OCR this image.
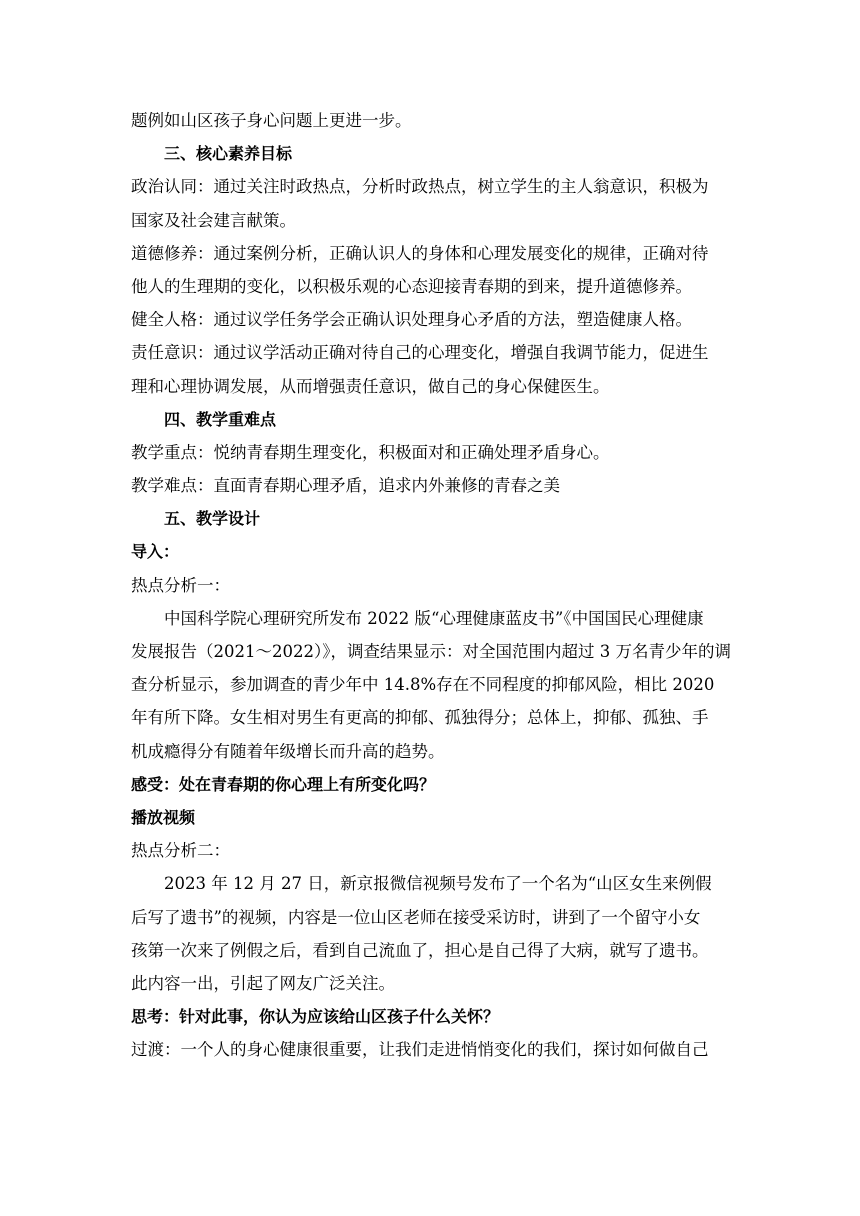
题例如山区孩子身心问题上更进一步。
三、核心素养目标
政治认同：通过关注时政热点，分析时政热点，树立学生的主人翁意识，积极为
国家及社会建言献策。
道德修养：通过案例分析，正确认识人的身体和心理发展变化的规律，正确对待
他人的生理期的变化，以积极乐观的心态迎接青春期的到来，提升道德修养。
健全人格：通过议学任务学会正确认识处理身心矛盾的方法，塑造健康人格。
责任意识：通过议学活动正确对待自己的心理变化，增强自我调节能力，促进生
理和心理协调发展，从而增强责任意识，做自己的身心保健医生。
四、教学重难点
教学重点：悦纳青春期生理变化，积极面对和正确处理矛盾身心。
教学难点：直面青春期心理矛盾，追求内外兼修的青春之美
五、教学设计
导入：
热点分析一：
中国科学院心理研究所发布 2022 版“心理健康蓝皮书”《中国国民心理健康
发展报告（2021～2022）》，调查结果显示：对全国范围内超过 3 万名青少年的调
查分析显示，参加调查的青少年中 14.8%存在不同程度的抑郁风险，相比 2020
年有所下降。女生相对男生有更高的抑郁、孤独得分；总体上，抑郁、孤独、手
机成瘾得分有随着年级增长而升高的趋势。
感受：处在青春期的你心理上有所变化吗？
播放视频
热点分析二：
2023 年 12 月 27 日，新京报微信视频号发布了一个名为“山区女生来例假
后写了遗书”的视频，内容是一位山区老师在接受采访时，讲到了一个留守小女
孩第一次来了例假之后，看到自己流血了，担心是自己得了大病，就写了遗书。
此内容一出，引起了网友广泛关注。
思考：针对此事，你认为应该给山区孩子什么关怀？
过渡：一个人的身心健康很重要，让我们走进悄悄变化的我们，探讨如何做自己
